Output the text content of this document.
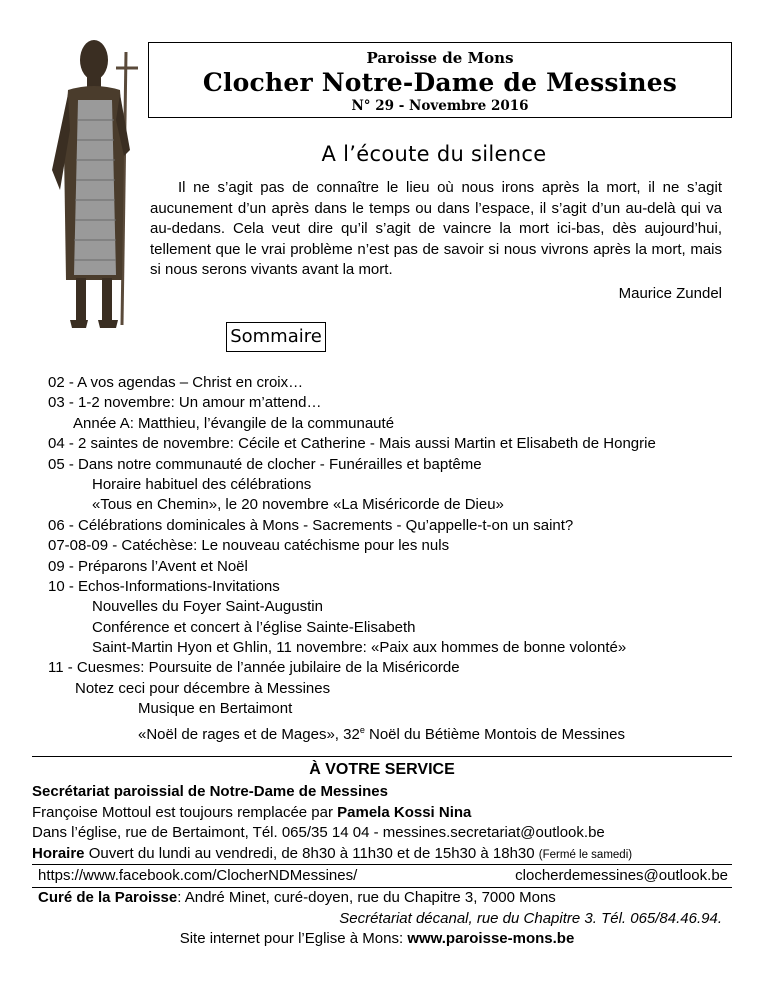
Paroisse de Mons
Clocher Notre-Dame de Messines
N° 29 - Novembre 2016
A l’écoute du silence
Il ne s’agit pas de connaître le lieu où nous irons après la mort, il ne s’agit aucunement d’un après dans le temps ou dans l’espace, il s’agit d’un au-delà qui va au-dedans. Cela veut dire qu’il s’agit de vaincre la mort ici-bas, dès aujourd’hui, tellement que le vrai problème n’est pas de savoir si nous vivrons après la mort, mais si nous serons vivants avant la mort.
Maurice Zundel
Sommaire
02 - A vos agendas – Christ en croix…
03 - 1-2 novembre: Un amour m’attend…
Année A: Matthieu, l’évangile de la communauté
04 - 2 saintes de novembre: Cécile et Catherine - Mais aussi Martin et Elisabeth de Hongrie
05 - Dans notre communauté de clocher - Funérailles et baptême
Horaire habituel des célébrations
«Tous en Chemin», le 20 novembre «La Miséricorde de Dieu»
06 - Célébrations dominicales à Mons - Sacrements - Qu’appelle-t-on un saint?
07-08-09 - Catéchèse: Le nouveau catéchisme pour les nuls
09 - Préparons l’Avent et Noël
10 - Echos-Informations-Invitations
Nouvelles du Foyer Saint-Augustin
Conférence et concert à l’église Sainte-Elisabeth
Saint-Martin Hyon et Ghlin, 11 novembre: «Paix aux hommes de bonne volonté»
11 - Cuesmes: Poursuite de l’année jubilaire de la Miséricorde
Notez ceci pour décembre à Messines
Musique en Bertaimont
«Noël de rages et de Mages», 32e Noël du Bétième Montois de Messines
À VOTRE SERVICE
Secrétariat paroissial de Notre-Dame de Messines
Françoise Mottoul est toujours remplacée par Pamela Kossi Nina
Dans l’église, rue de Bertaimont, Tél. 065/35 14 04 - messines.secretariat@outlook.be
Horaire Ouvert du lundi au vendredi, de 8h30 à 11h30 et de 15h30 à 18h30 (Fermé le samedi)
https://www.facebook.com/ClocherNDMessines/	clocherdemessines@outlook.be
Curé de la Paroisse: André Minet, curé-doyen, rue du Chapitre 3, 7000 Mons
Secrétariat décanal, rue du Chapitre 3. Tél. 065/84.46.94.
Site internet pour l’Eglise à Mons: www.paroisse-mons.be
